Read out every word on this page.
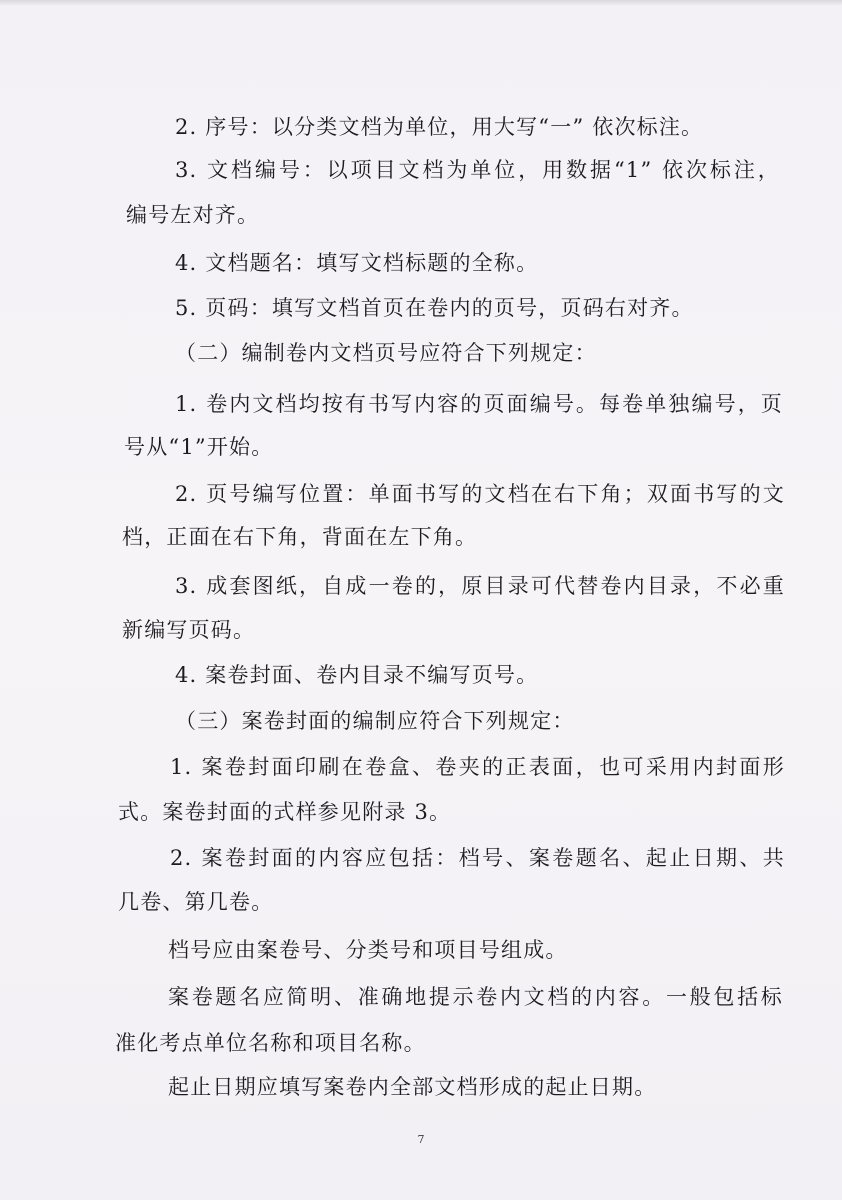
2. 序号：以分类文档为单位，用大写“一” 依次标注。
3. 文档编号：以项目文档为单位，用数据“1” 依次标注，
编号左对齐。
4. 文档题名：填写文档标题的全称。
5. 页码：填写文档首页在卷内的页号，页码右对齐。
（二）编制卷内文档页号应符合下列规定：
1. 卷内文档均按有书写内容的页面编号。每卷单独编号，页
号从“1”开始。
2. 页号编写位置：单面书写的文档在右下角；双面书写的文
档，正面在右下角，背面在左下角。
3. 成套图纸，自成一卷的，原目录可代替卷内目录，不必重
新编写页码。
4. 案卷封面、卷内目录不编写页号。
（三）案卷封面的编制应符合下列规定：
1. 案卷封面印刷在卷盒、卷夹的正表面，也可采用内封面形
式。案卷封面的式样参见附录 3。
2. 案卷封面的内容应包括：档号、案卷题名、起止日期、共
几卷、第几卷。
档号应由案卷号、分类号和项目号组成。
案卷题名应简明、准确地提示卷内文档的内容。一般包括标
准化考点单位名称和项目名称。
起止日期应填写案卷内全部文档形成的起止日期。
7
